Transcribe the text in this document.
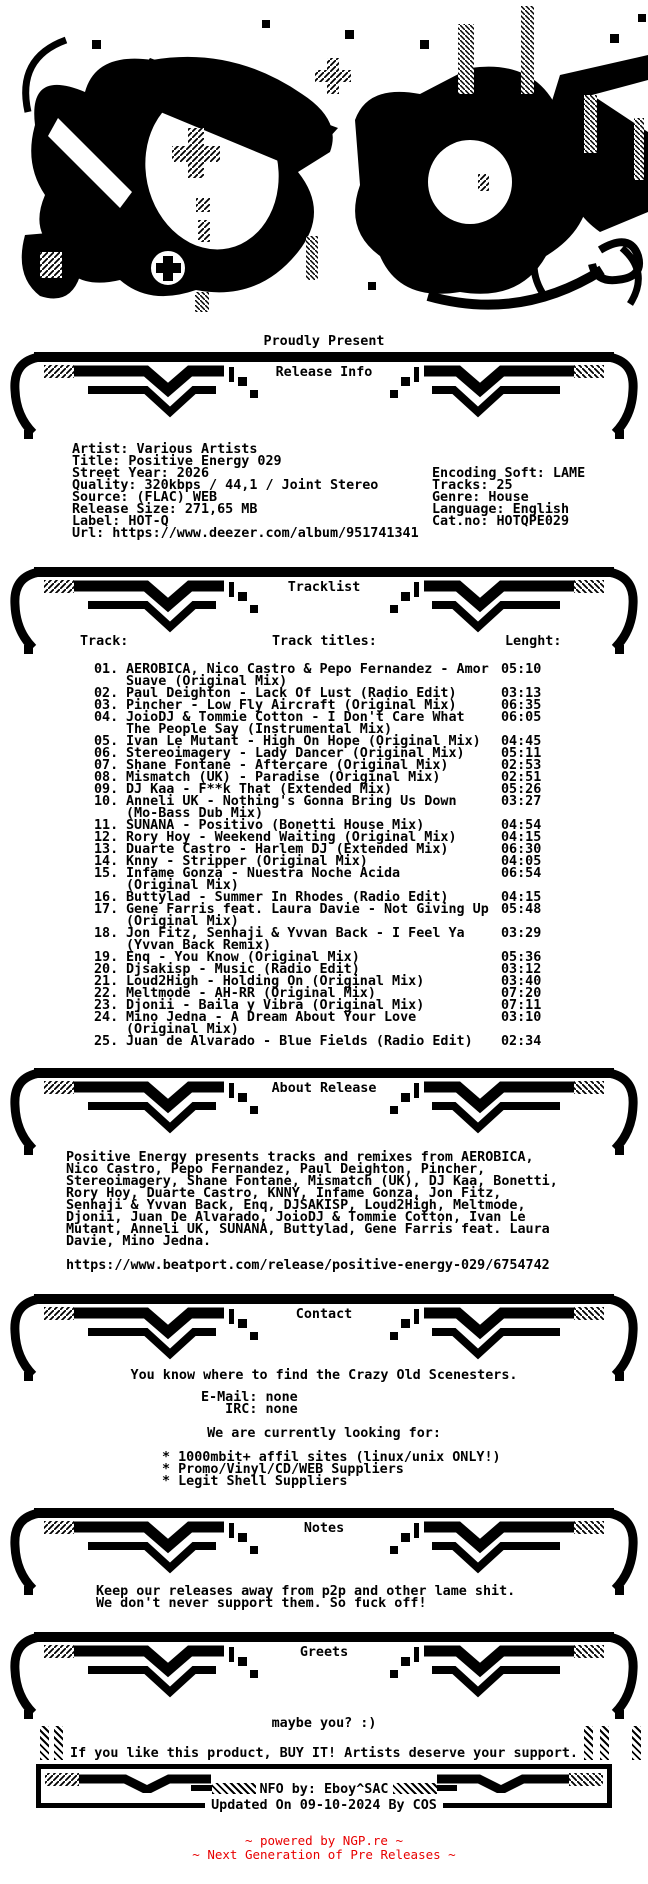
Proudly Present
Release Info
Artist: Various Artists
Title: Positive Energy 029
Street Year: 2026
Quality: 320kbps / 44,1 / Joint Stereo
Source: (FLAC) WEB
Release Size: 271,65 MB
Label: HOT-Q
Url: https://www.deezer.com/album/951741341
Encoding Soft: LAME
Tracks: 25
Genre: House
Language: English
Cat.no: HOTQPE029
Tracklist
Track:	Track titles:	Lenght:
01. AEROBICA, Nico Castro & Pepo Fernandez - Amor 05:10
Suave (Original Mix)
02. Paul Deighton - Lack Of Lust (Radio Edit)	03:13
03. Pincher - Low Fly Aircraft (Original Mix)	06:35
04. JoioDJ & Tommie Cotton - I Don't Care What	06:05
The People Say (Instrumental Mix)
05. Ivan Le Mutant - High On Hope (Original Mix) 04:45
06. Stereoimagery - Lady Dancer (Original Mix)	05:11
07. Shane Fontane - Aftercare (Original Mix)	02:53
08. Mismatch (UK) - Paradise (Original Mix)	02:51
09. DJ Kaa - F**k That (Extended Mix)	05:26
10. Anneli UK - Nothing's Gonna Bring Us Down	03:27
(Mo-Bass Dub Mix)
11. SUNANA - Positivo (Bonetti House Mix)	04:54
12. Rory Hoy - Weekend Waiting (Original Mix)	04:15
13. Duarte Castro - Harlem DJ (Extended Mix)	06:30
14. Knny - Stripper (Original Mix)	04:05
15. Infame Gonza - Nuestra Noche Acida	06:54
(Original Mix)
16. Buttylad - Summer In Rhodes (Radio Edit)	04:15
17. Gene Farris feat. Laura Davie - Not Giving Up 05:48
(Original Mix)
18. Jon Fitz, Senhaji & Yvvan Back - I Feel Ya	03:29
(Yvvan Back Remix)
19. Enq - You Know (Original Mix)	05:36
20. Djsakisp - Music (Radio Edit)	03:12
21. Loud2High - Holding On (Original Mix)	03:40
22. Meltmode - AH-RR (Original Mix)	07:20
23. Djonii - Baila y Vibra (Original Mix)	07:11
24. Mino Jedna - A Dream About Your Love	03:10
(Original Mix)
25. Juan de Alvarado - Blue Fields (Radio Edit) 02:34
About Release
Positive Energy presents tracks and remixes from AEROBICA,
Nico Castro, Pepo Fernandez, Paul Deighton, Pincher,
Stereoimagery, Shane Fontane, Mismatch (UK), DJ Kaa, Bonetti,
Rory Hoy, Duarte Castro, KNNY, Infame Gonza, Jon Fitz,
Senhaji & Yvvan Back, Enq, DJSAKISP, Loud2High, Meltmode,
Djonii, Juan De Alvarado, JoioDJ & Tommie Cotton, Ivan Le
Mutant, Anneli UK, SUNANA, Buttylad, Gene Farris feat. Laura
Davie, Mino Jedna.
https://www.beatport.com/release/positive-energy-029/6754742
Contact
You know where to find the Crazy Old Scenesters.
E-Mail: none
IRC: none
We are currently looking for:
* 1000mbit+ affil sites (linux/unix ONLY!)
* Promo/Vinyl/CD/WEB Suppliers
* Legit Shell Suppliers
Notes
Keep our releases away from p2p and other lame shit.
We don't never support them. So fuck off!
Greets
maybe you? :)
If you like this product, BUY IT! Artists deserve your support.
NFO by: Eboy^SAC
Updated On 09-10-2024 By COS
~ powered by NGP.re ~
~ Next Generation of Pre Releases ~
